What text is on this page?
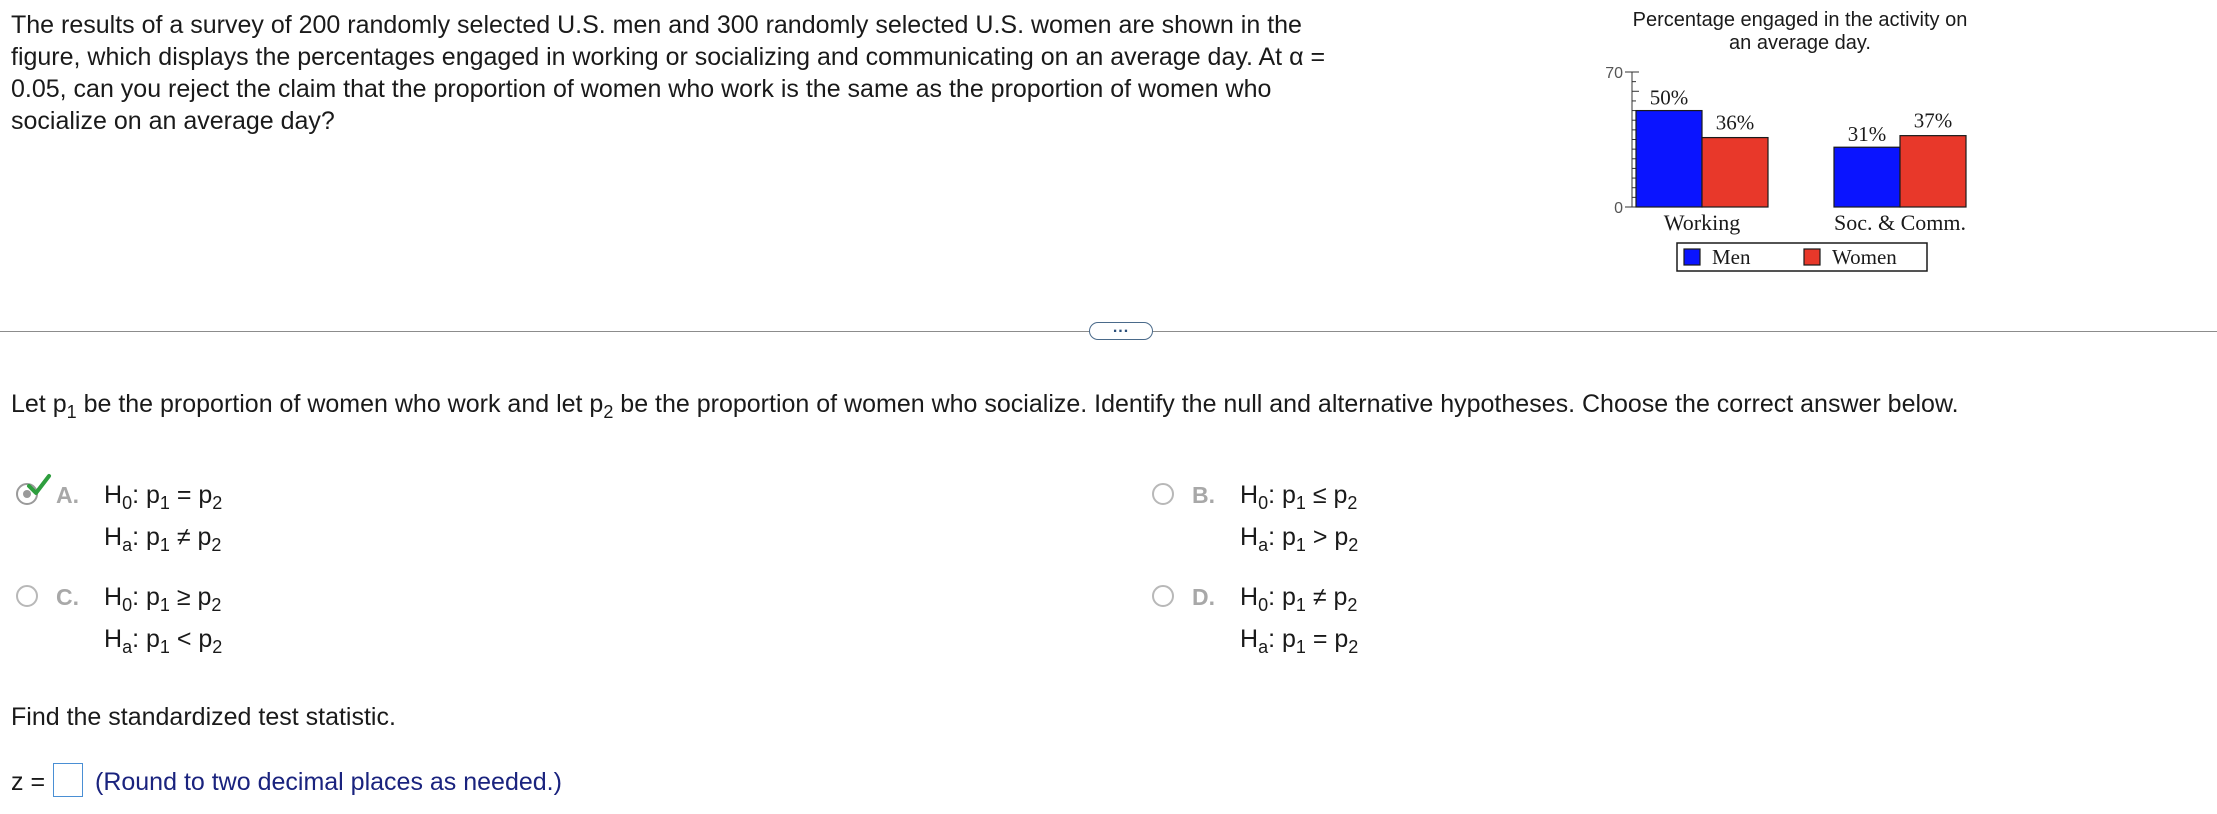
The results of a survey of 200 randomly selected U.S. men and 300 randomly selected U.S. women are shown in the figure, which displays the percentages engaged in working or socializing and communicating on an average day. At α = 0.05, can you reject the claim that the proportion of women who work is the same as the proportion of women who socialize on an average day?
Percentage engaged in the activity on
an average day.
0
70
50%
36%
Working
31%
37%
Soc. & Comm.
Men	Women
...
Let $p_1$ be the proportion of women who work and let $p_2$ be the proportion of women who socialize. Identify the null and alternative hypotheses. Choose the correct answer below.
A. $H_0$: $p_1 = p_2$
$H_a$: $p_1 \ne p_2$
B. $H_0$: $p_1 \le p_2$
$H_a$: $p_1 > p_2$
C. $H_0$: $p_1 \ge p_2$
$H_a$: $p_1 < p_2$
D. $H_0$: $p_1 \ne p_2$
$H_a$: $p_1 = p_2$
Find the standardized test statistic.
z = (Round to two decimal places as needed.)
